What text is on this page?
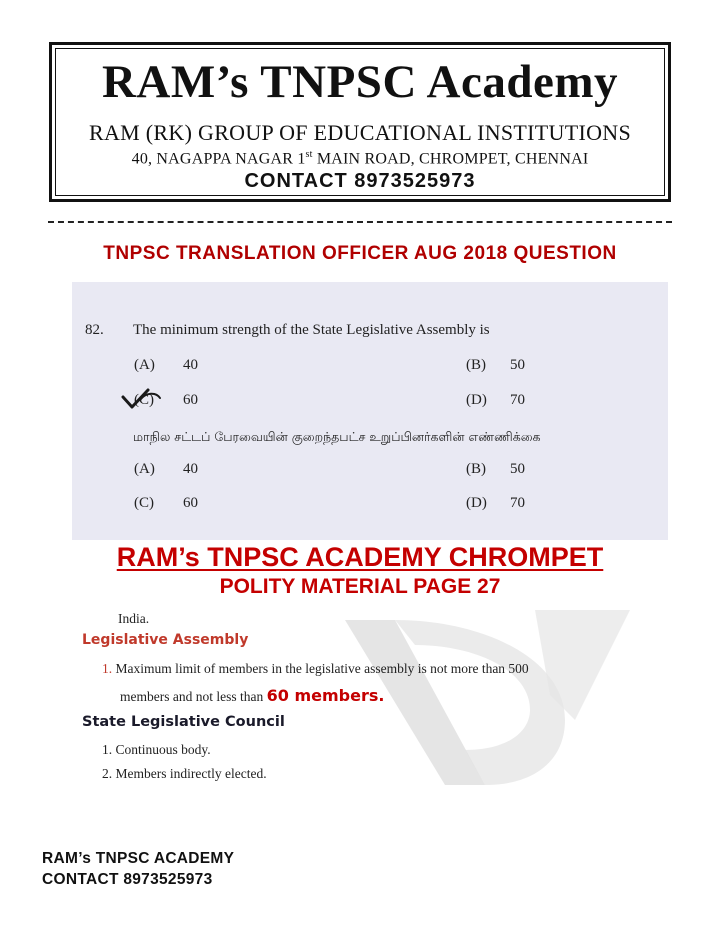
RAM’s TNPSC Academy
RAM (RK) GROUP OF EDUCATIONAL INSTITUTIONS
40, NAGAPPA NAGAR 1st MAIN ROAD, CHROMPET, CHENNAI
CONTACT 8973525973
TNPSC TRANSLATION OFFICER AUG 2018 QUESTION
82. The minimum strength of the State Legislative Assembly is
(A) 40	(B) 50
(C) 60	(D) 70
மாநில சட்டப் பேரவையின் குறைந்தபட்ச உறுப்பினர்களின் எண்ணிக்கை
(A) 40	(B) 50
(C) 60	(D) 70
RAM’s TNPSC ACADEMY CHROMPET
POLITY MATERIAL PAGE 27
India.
Legislative Assembly
1. Maximum limit of members in the legislative assembly is not more than 500
members and not less than 60 members.
State Legislative Council
1. Continuous body.
2. Members indirectly elected.
RAM’s TNPSC ACADEMY
CONTACT 8973525973
